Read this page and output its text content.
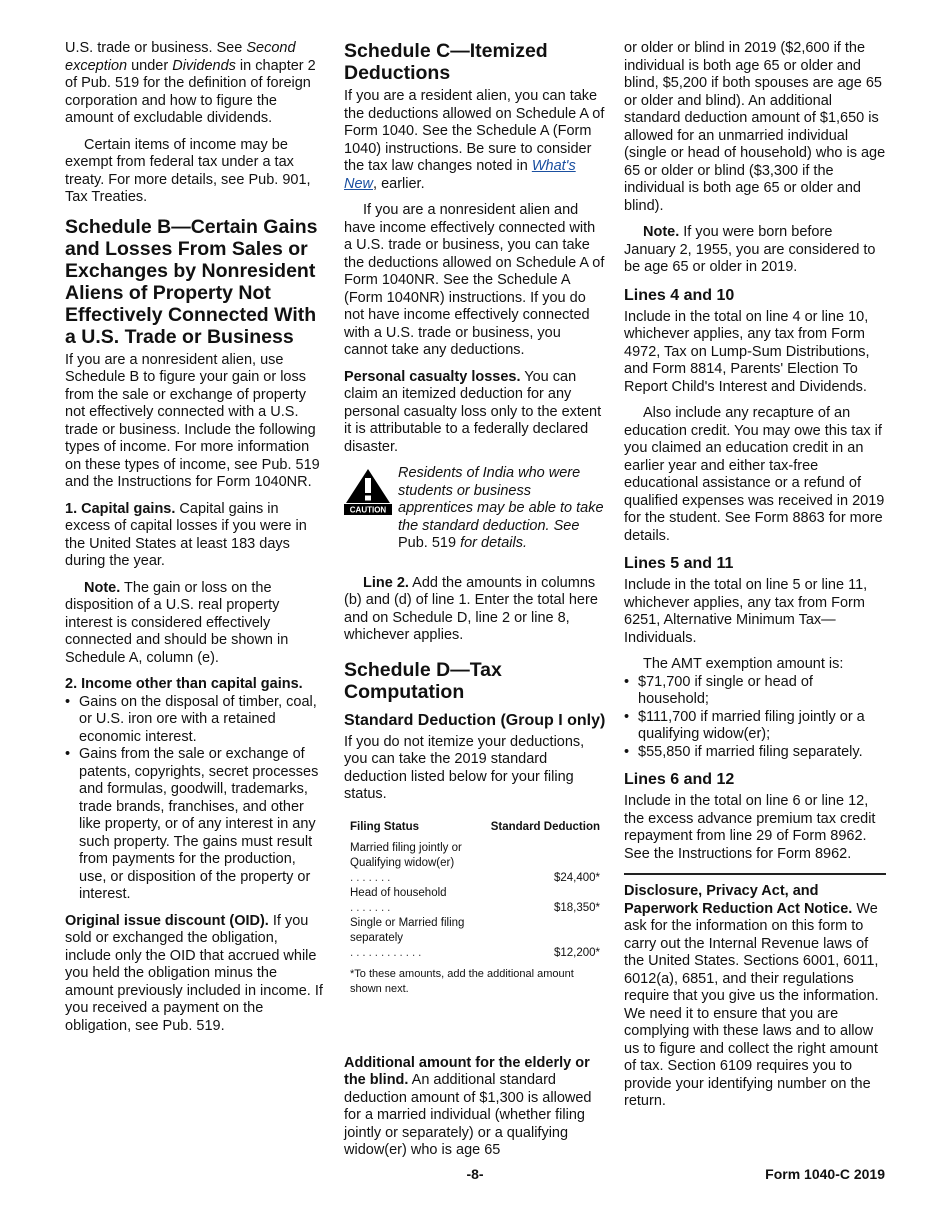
U.S. trade or business. See Second exception under Dividends in chapter 2 of Pub. 519 for the definition of foreign corporation and how to figure the amount of excludable dividends.

Certain items of income may be exempt from federal tax under a tax treaty. For more details, see Pub. 901, Tax Treaties.

Schedule B—Certain Gains and Losses From Sales or Exchanges by Nonresident Aliens of Property Not Effectively Connected With a U.S. Trade or Business

If you are a nonresident alien, use Schedule B to figure your gain or loss from the sale or exchange of property not effectively connected with a U.S. trade or business. Include the following types of income. For more information on these types of income, see Pub. 519 and the Instructions for Form 1040NR.

1. Capital gains. Capital gains in excess of capital losses if you were in the United States at least 183 days during the year.

Note. The gain or loss on the disposition of a U.S. real property interest is considered effectively connected and should be shown in Schedule A, column (e).

2. Income other than capital gains.

• Gains on the disposal of timber, coal, or U.S. iron ore with a retained economic interest.

• Gains from the sale or exchange of patents, copyrights, secret processes and formulas, goodwill, trademarks, trade brands, franchises, and other like property, or of any interest in any such property. The gains must result from payments for the production, use, or disposition of the property or interest.

Original issue discount (OID). If you sold or exchanged the obligation, include only the OID that accrued while you held the obligation minus the amount previously included in income. If you received a payment on the obligation, see Pub. 519.

Schedule C—Itemized Deductions

If you are a resident alien, you can take the deductions allowed on Schedule A of Form 1040. See the Schedule A (Form 1040) instructions. Be sure to consider the tax law changes noted in What's New, earlier.

If you are a nonresident alien and have income effectively connected with a U.S. trade or business, you can take the deductions allowed on Schedule A of Form 1040NR. See the Schedule A (Form 1040NR) instructions. If you do not have income effectively connected with a U.S. trade or business, you cannot take any deductions.

Personal casualty losses. You can claim an itemized deduction for any personal casualty loss only to the extent it is attributable to a federally declared disaster.

CAUTION
Residents of India who were students or business apprentices may be able to take the standard deduction. See Pub. 519 for details.

Line 2. Add the amounts in columns (b) and (d) of line 1. Enter the total here and on Schedule D, line 2 or line 8, whichever applies.

Schedule D—Tax Computation
Standard Deduction (Group I only)

If you do not itemize your deductions, you can take the 2019 standard deduction listed below for your filing status.

Filing Status	Standard Deduction
Married filing jointly or
Qualifying widow(er) .......	$24,400*
Head of household .......	$18,350*
Single or Married filing
separately ............	$12,200*
*To these amounts, add the additional amount shown next.

Additional amount for the elderly or the blind. An additional standard deduction amount of $1,300 is allowed for a married individual (whether filing jointly or separately) or a qualifying widow(er) who is age 65

or older or blind in 2019 ($2,600 if the individual is both age 65 or older and blind, $5,200 if both spouses are age 65 or older and blind). An additional standard deduction amount of $1,650 is allowed for an unmarried individual (single or head of household) who is age 65 or older or blind ($3,300 if the individual is both age 65 or older and blind).

Note. If you were born before January 2, 1955, you are considered to be age 65 or older in 2019.

Lines 4 and 10

Include in the total on line 4 or line 10, whichever applies, any tax from Form 4972, Tax on Lump-Sum Distributions, and Form 8814, Parents' Election To Report Child's Interest and Dividends.

Also include any recapture of an education credit. You may owe this tax if you claimed an education credit in an earlier year and either tax-free educational assistance or a refund of qualified expenses was received in 2019 for the student. See Form 8863 for more details.

Lines 5 and 11

Include in the total on line 5 or line 11, whichever applies, any tax from Form 6251, Alternative Minimum Tax—Individuals.

The AMT exemption amount is:

• $71,700 if single or head of household;

• $111,700 if married filing jointly or a qualifying widow(er);

• $55,850 if married filing separately.

Lines 6 and 12

Include in the total on line 6 or line 12, the excess advance premium tax credit repayment from line 29 of Form 8962. See the Instructions for Form 8962.

Disclosure, Privacy Act, and Paperwork Reduction Act Notice. We ask for the information on this form to carry out the Internal Revenue laws of the United States. Sections 6001, 6011, 6012(a), 6851, and their regulations require that you give us the information. We need it to ensure that you are complying with these laws and to allow us to figure and collect the right amount of tax. Section 6109 requires you to provide your identifying number on the return.

-8-	Form 1040-C 2019
